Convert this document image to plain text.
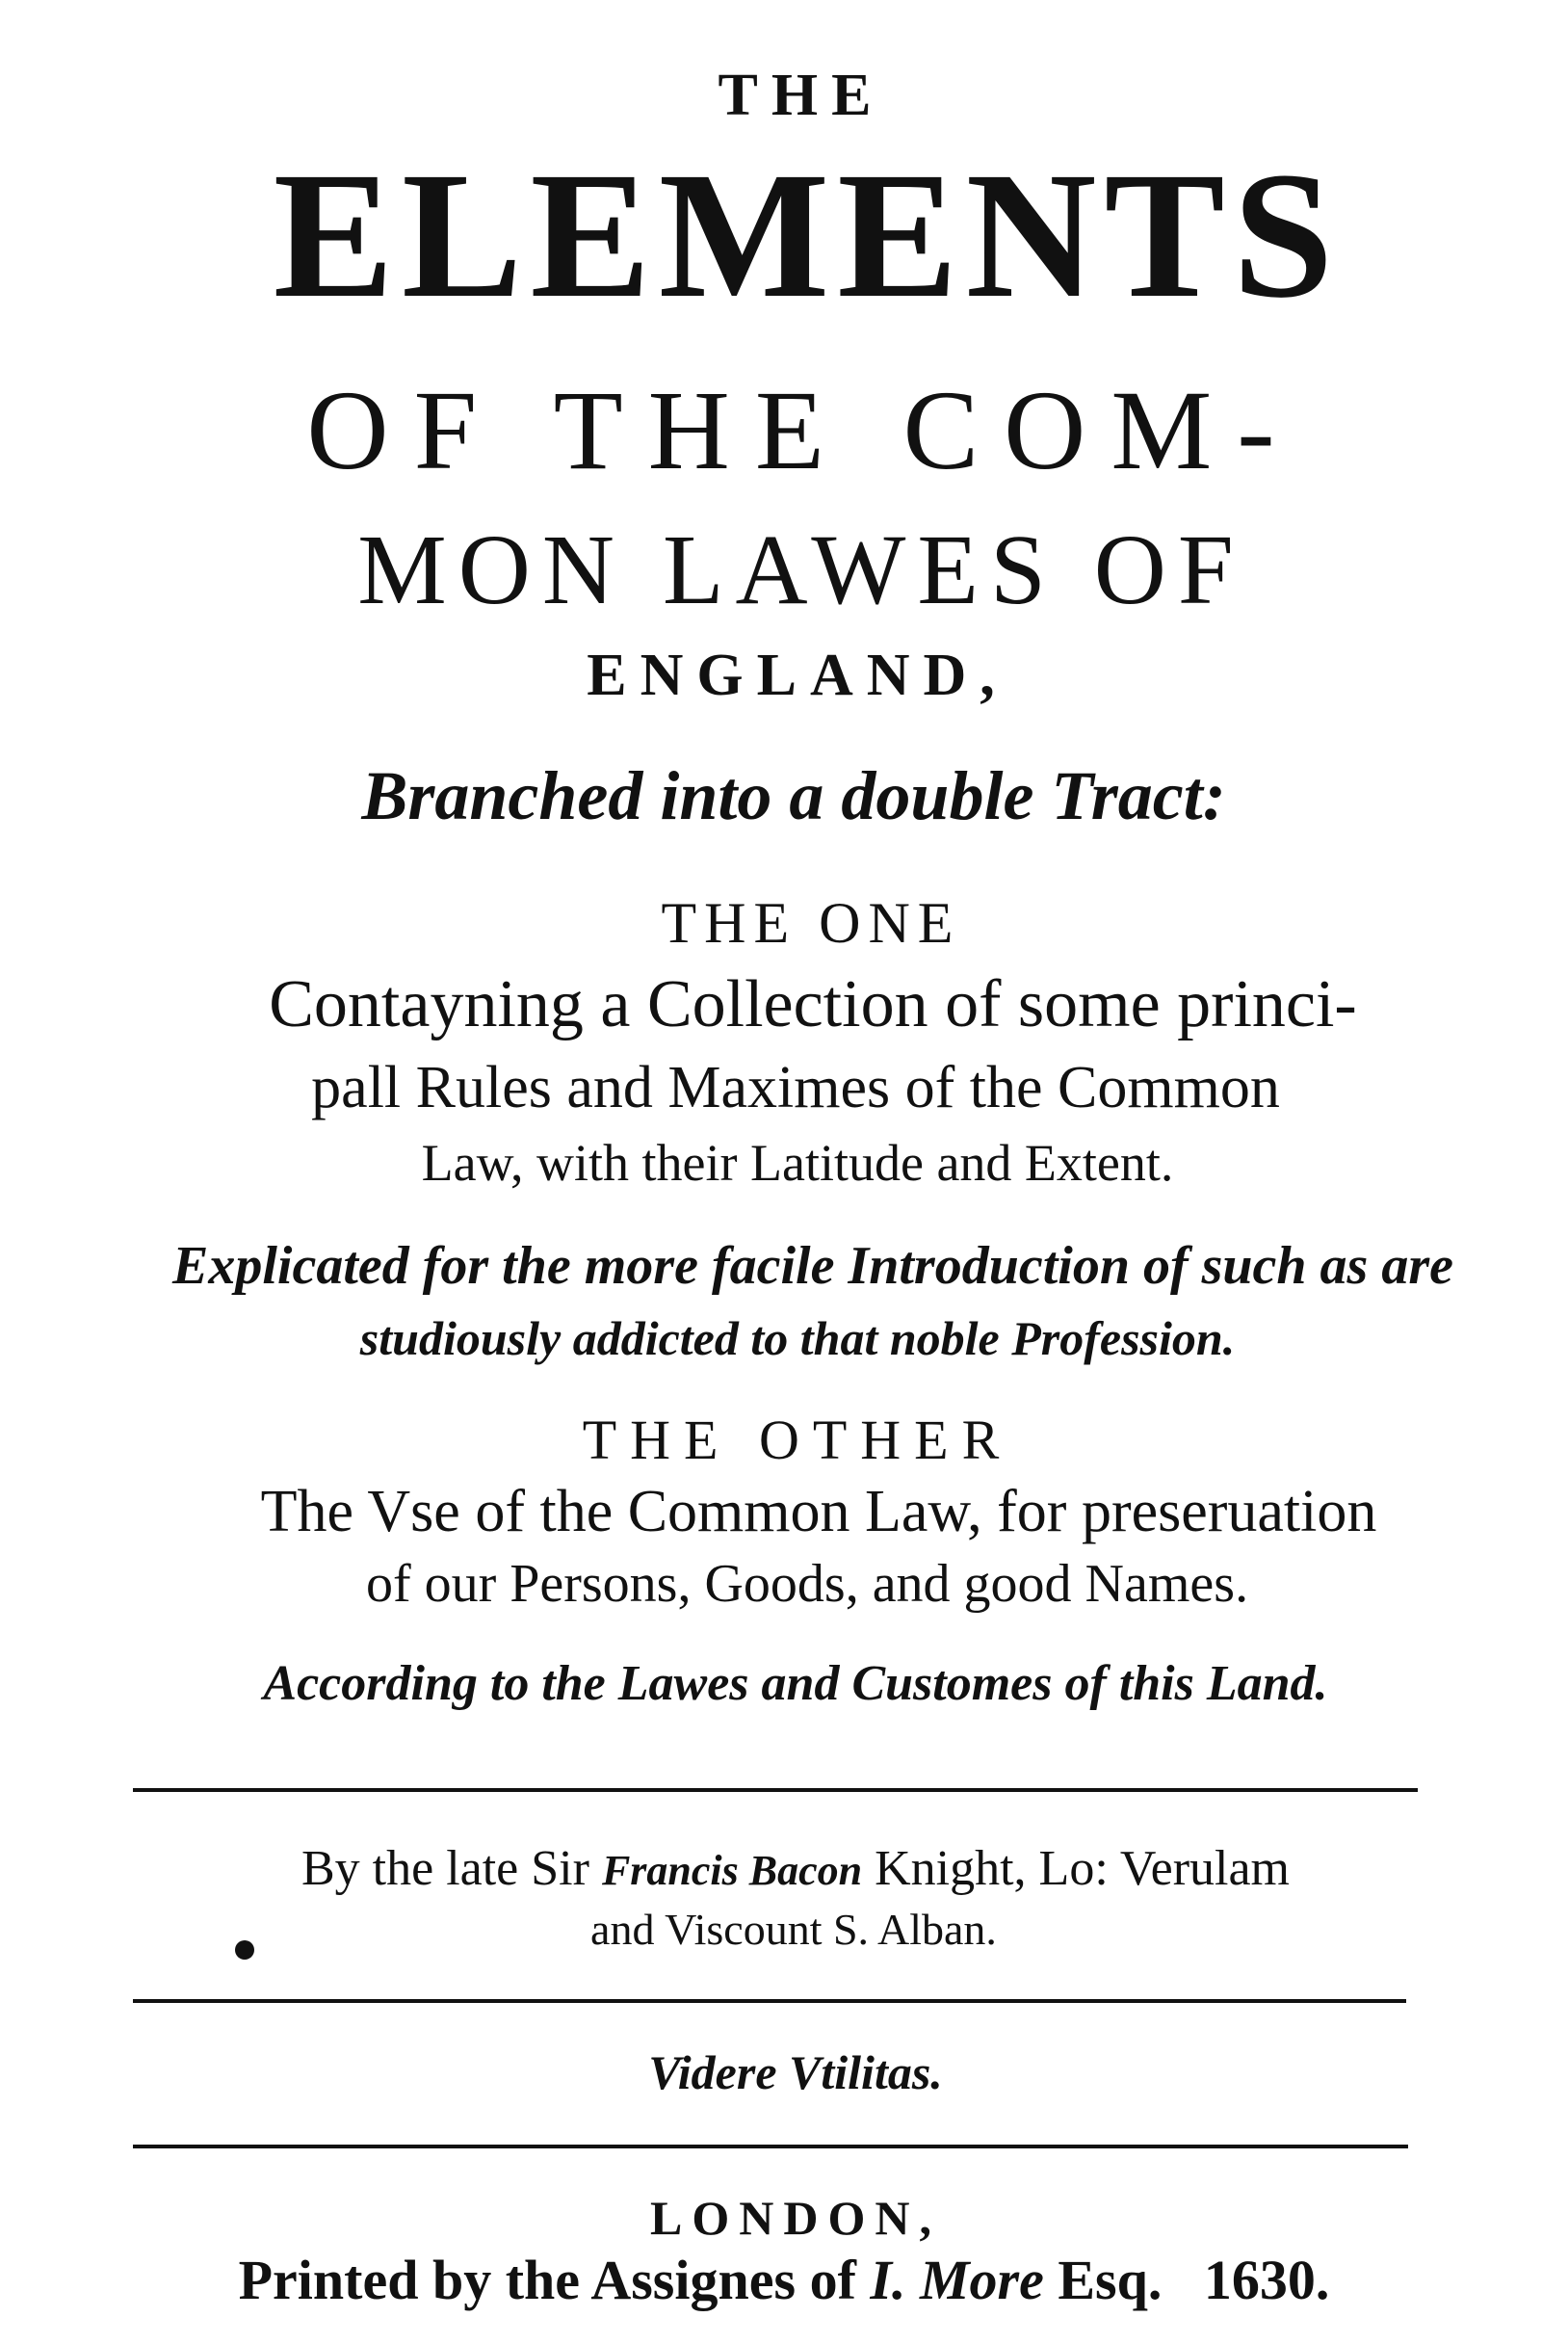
THE
ELEMENTS
OF THE COM-
MON LAWES OF
ENGLAND,
Branched into a double Tract:
THE ONE
Contayning a Collection of some princi-
pall Rules and Maximes of the Common
Law, with their Latitude and Extent.
Explicated for the more facile Introduction of such as are
studiously addicted to that noble Profession.
THE OTHER
The Vse of the Common Law, for preseruation
of our Persons, Goods, and good Names.
According to the Lawes and Customes of this Land.
By the late Sir Francis Bacon Knight, Lo: Verulam
and Viscount S. Alban.
Videre Vtilitas.
LONDON,
Printed by the Assignes of I. More Esq.   1630.
